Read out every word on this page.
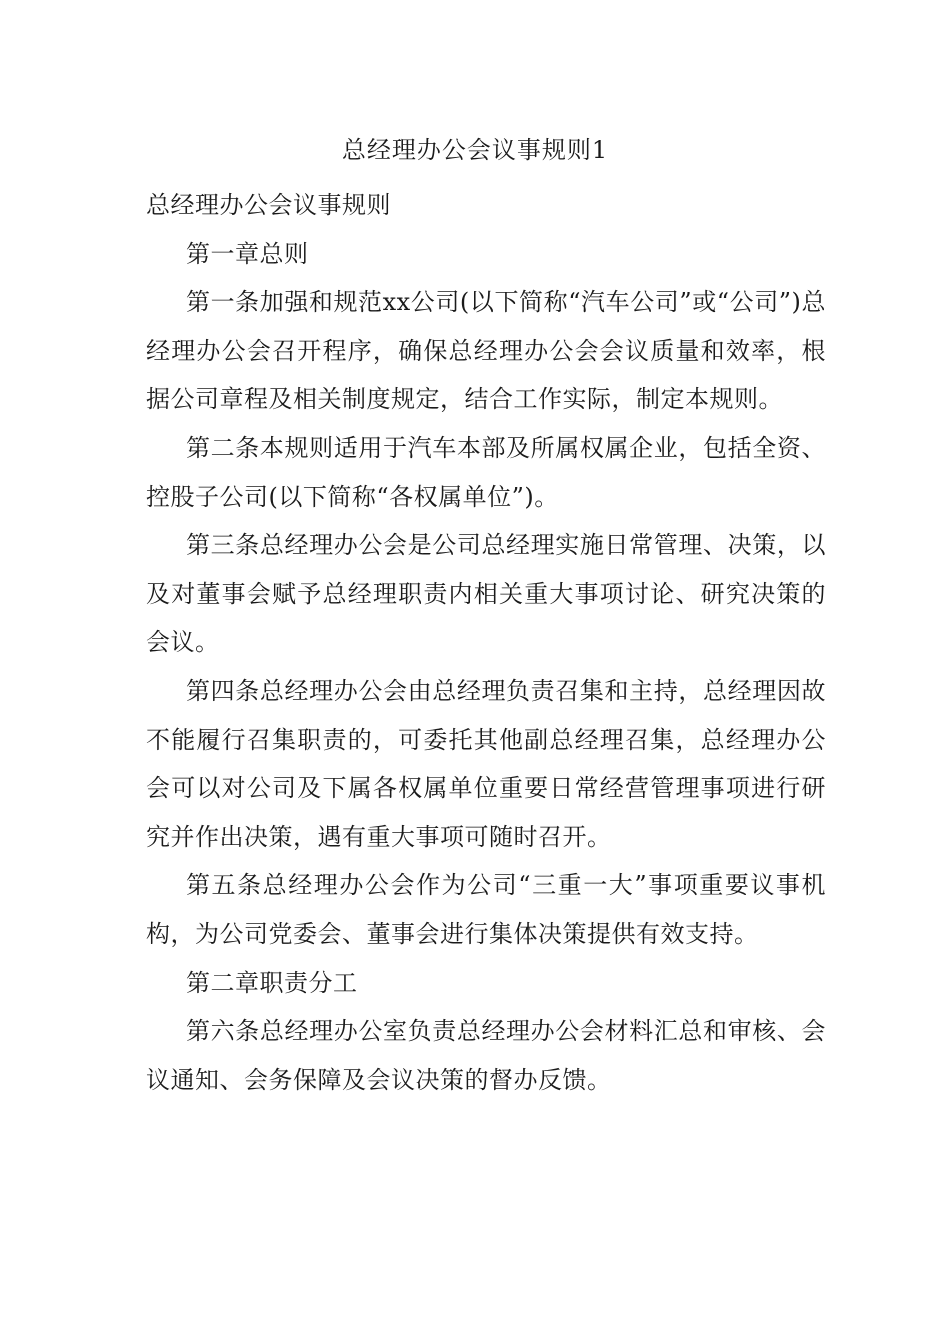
总经理办公会议事规则1

总经理办公会议事规则

第一章总则

第一条加强和规范xx公司(以下简称“汽车公司”或“公司”)总经理办公会召开程序，确保总经理办公会会议质量和效率，根据公司章程及相关制度规定，结合工作实际，制定本规则。

第二条本规则适用于汽车本部及所属权属企业，包括全资、控股子公司(以下简称“各权属单位”)。

第三条总经理办公会是公司总经理实施日常管理、决策，以及对董事会赋予总经理职责内相关重大事项讨论、研究决策的会议。

第四条总经理办公会由总经理负责召集和主持，总经理因故不能履行召集职责的，可委托其他副总经理召集，总经理办公会可以对公司及下属各权属单位重要日常经营管理事项进行研究并作出决策，遇有重大事项可随时召开。

第五条总经理办公会作为公司“三重一大”事项重要议事机构，为公司党委会、董事会进行集体决策提供有效支持。

第二章职责分工

第六条总经理办公室负责总经理办公会材料汇总和审核、会议通知、会务保障及会议决策的督办反馈。
